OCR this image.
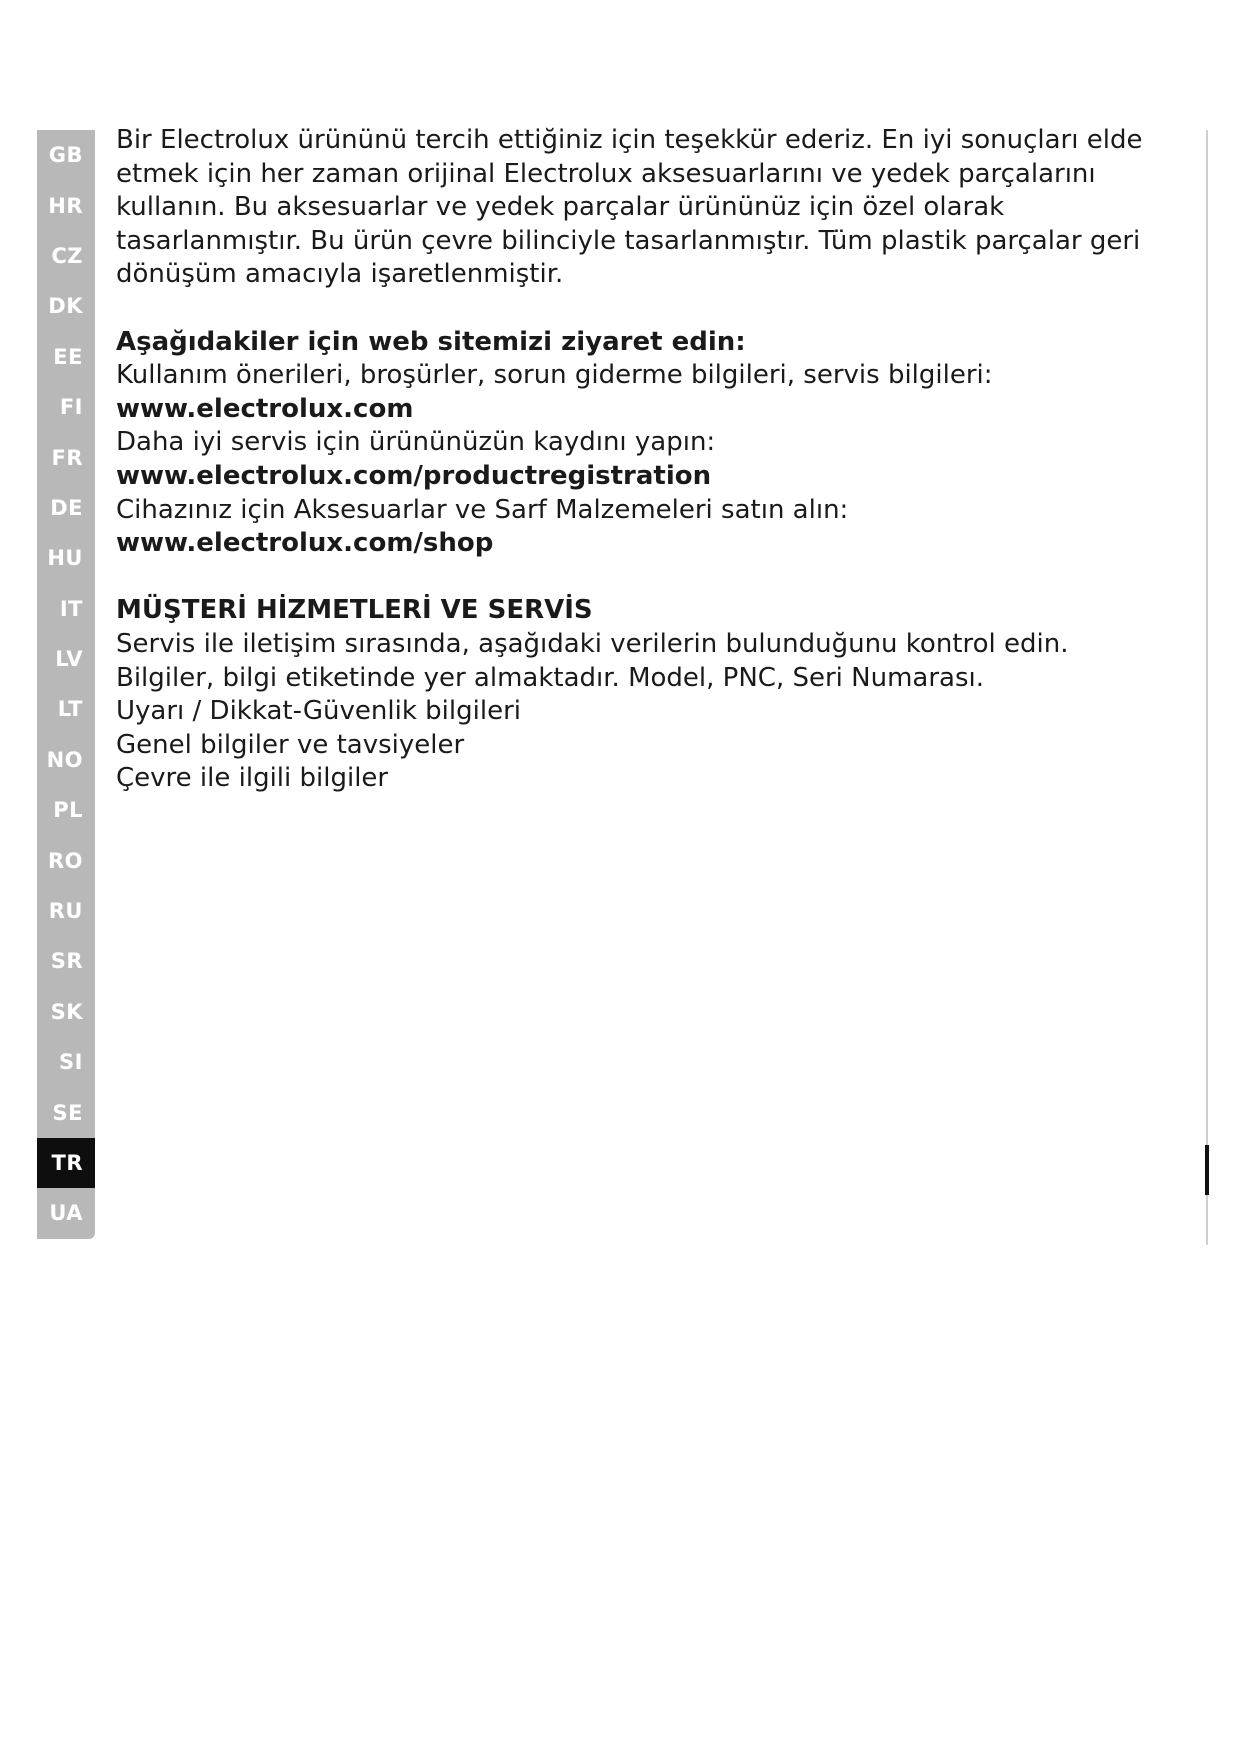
GB
HR
CZ
DK
EE
FI
FR
DE
HU
IT
LV
LT
NO
PL
RO
RU
SR
SK
SI
SE
TR
UA

Bir Electrolux ürününü tercih ettiğiniz için teşekkür ederiz. En iyi sonuçları elde

etmek için her zaman orijinal Electrolux aksesuarlarını ve yedek parçalarını

kullanın. Bu aksesuarlar ve yedek parçalar ürününüz için özel olarak

tasarlanmıştır. Bu ürün çevre bilinciyle tasarlanmıştır. Tüm plastik parçalar geri

dönüşüm amacıyla işaretlenmiştir.

Aşağıdakiler için web sitemizi ziyaret edin:

Kullanım önerileri, broşürler, sorun giderme bilgileri, servis bilgileri:

www.electrolux.com

Daha iyi servis için ürününüzün kaydını yapın:

www.electrolux.com/productregistration

Cihazınız için Aksesuarlar ve Sarf Malzemeleri satın alın:

www.electrolux.com/shop

MÜŞTERİ HİZMETLERİ VE SERVİS

Servis ile iletişim sırasında, aşağıdaki verilerin bulunduğunu kontrol edin.

Bilgiler, bilgi etiketinde yer almaktadır. Model, PNC, Seri Numarası.

Uyarı / Dikkat-Güvenlik bilgileri

Genel bilgiler ve tavsiyeler

Çevre ile ilgili bilgiler
